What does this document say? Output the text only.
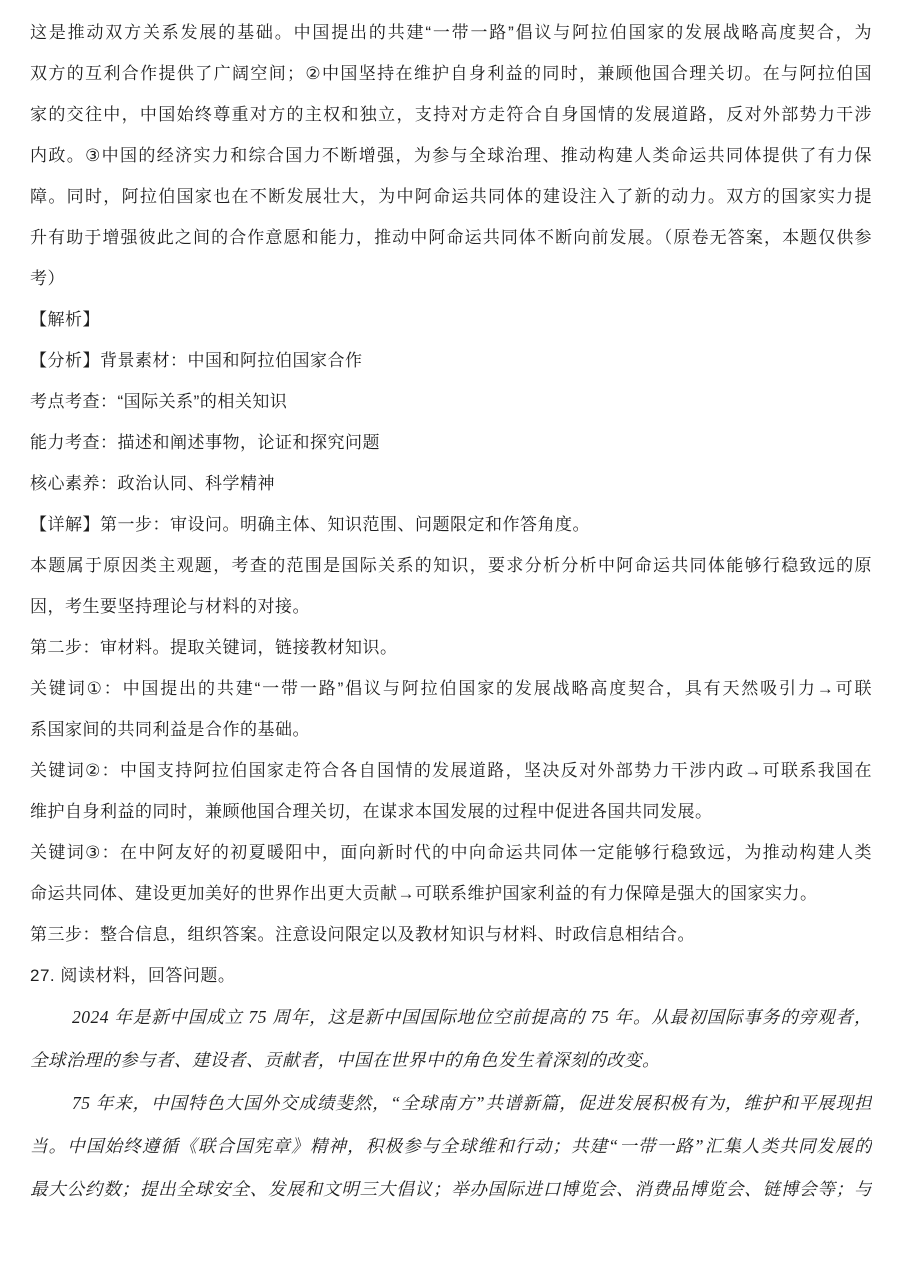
这是推动双方关系发展的基础。中国提出的共建“一带一路”倡议与阿拉伯国家的发展战略高度契合，为
双方的互利合作提供了广阔空间；②中国坚持在维护自身利益的同时，兼顾他国合理关切。在与阿拉伯国
家的交往中，中国始终尊重对方的主权和独立，支持对方走符合自身国情的发展道路，反对外部势力干涉
内政。③中国的经济实力和综合国力不断增强，为参与全球治理、推动构建人类命运共同体提供了有力保
障。同时，阿拉伯国家也在不断发展壮大，为中阿命运共同体的建设注入了新的动力。双方的国家实力提
升有助于增强彼此之间的合作意愿和能力，推动中阿命运共同体不断向前发展。（原卷无答案，本题仅供参
考）
【解析】
【分析】背景素材：中国和阿拉伯国家合作
考点考查：“国际关系”的相关知识
能力考查：描述和阐述事物，论证和探究问题
核心素养：政治认同、科学精神
【详解】第一步：审设问。明确主体、知识范围、问题限定和作答角度。
本题属于原因类主观题，考查的范围是国际关系的知识，要求分析分析中阿命运共同体能够行稳致远的原
因，考生要坚持理论与材料的对接。
第二步：审材料。提取关键词，链接教材知识。
关键词①：中国提出的共建“一带一路”倡议与阿拉伯国家的发展战略高度契合，具有天然吸引力→可联
系国家间的共同利益是合作的基础。
关键词②：中国支持阿拉伯国家走符合各自国情的发展道路，坚决反对外部势力干涉内政→可联系我国在
维护自身利益的同时，兼顾他国合理关切，在谋求本国发展的过程中促进各国共同发展。
关键词③：在中阿友好的初夏暖阳中，面向新时代的中向命运共同体一定能够行稳致远，为推动构建人类
命运共同体、建设更加美好的世界作出更大贡献→可联系维护国家利益的有力保障是强大的国家实力。
第三步：整合信息，组织答案。注意设问限定以及教材知识与材料、时政信息相结合。
27. 阅读材料，回答问题。
2024 年是新中国成立 75 周年，这是新中国国际地位空前提高的 75 年。从最初国际事务的旁观者，
全球治理的参与者、建设者、贡献者，中国在世界中的角色发生着深刻的改变。
75 年来，中国特色大国外交成绩斐然，“全球南方”共谱新篇，促进发展积极有为，维护和平展现担
当。中国始终遵循《联合国宪章》精神，积极参与全球维和行动；共建“一带一路”汇集人类共同发展的
最大公约数；提出全球安全、发展和文明三大倡议；举办国际进口博览会、消费品博览会、链博会等；与
